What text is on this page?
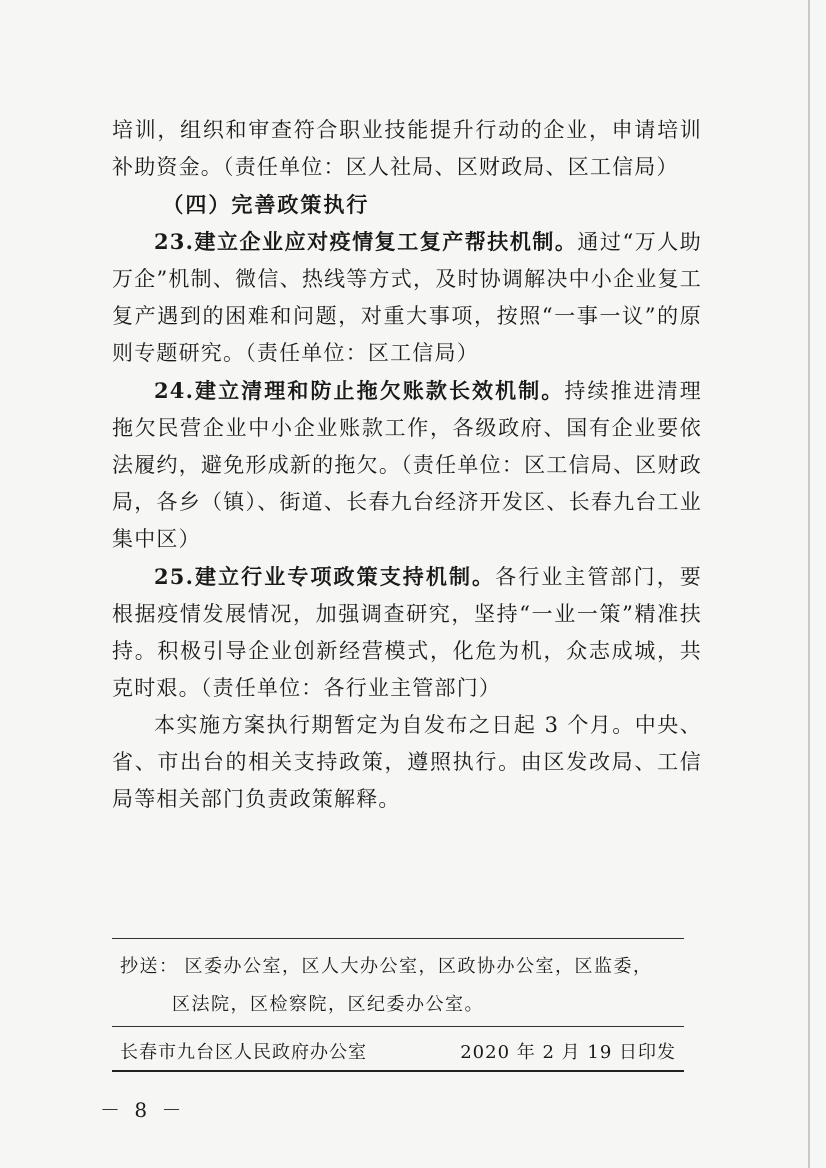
培训，组织和审查符合职业技能提升行动的企业，申请培训补助资金。（责任单位：区人社局、区财政局、区工信局）

（四）完善政策执行

23.建立企业应对疫情复工复产帮扶机制。通过“万人助万企”机制、微信、热线等方式，及时协调解决中小企业复工复产遇到的困难和问题，对重大事项，按照“一事一议”的原则专题研究。（责任单位：区工信局）

24.建立清理和防止拖欠账款长效机制。持续推进清理拖欠民营企业中小企业账款工作，各级政府、国有企业要依法履约，避免形成新的拖欠。（责任单位：区工信局、区财政局，各乡（镇）、街道、长春九台经济开发区、长春九台工业集中区）

25.建立行业专项政策支持机制。各行业主管部门，要根据疫情发展情况，加强调查研究，坚持“一业一策”精准扶持。积极引导企业创新经营模式，化危为机，众志成城，共克时艰。（责任单位：各行业主管部门）

本实施方案执行期暂定为自发布之日起 3 个月。中央、省、市出台的相关支持政策，遵照执行。由区发改局、工信局等相关部门负责政策解释。

抄送： 区委办公室，区人大办公室，区政协办公室，区监委，
区法院，区检察院，区纪委办公室。
长春市九台区人民政府办公室	2020 年 2 月 19 日印发
－ 8 －
